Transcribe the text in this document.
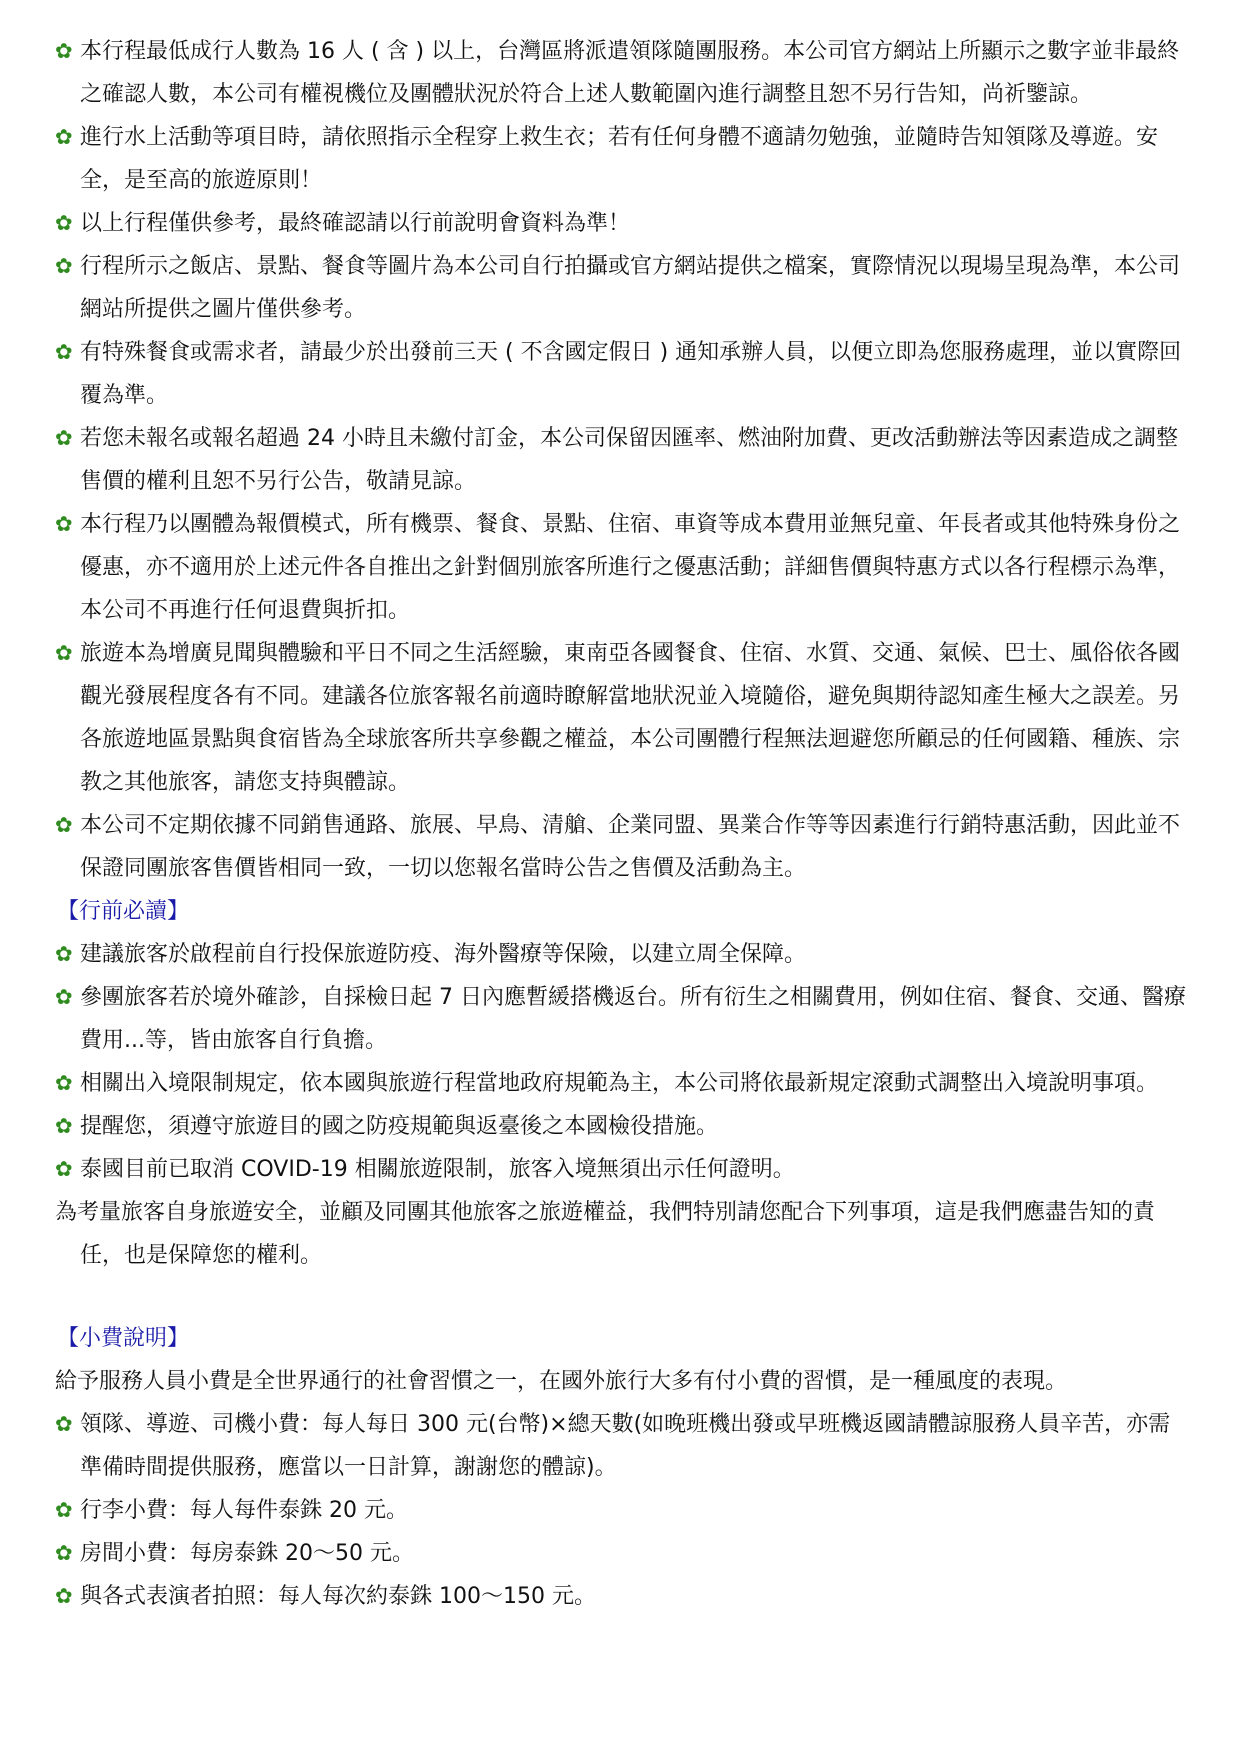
✿ 本行程最低成行人數為 16 人 ( 含 ) 以上，台灣區將派遣領隊隨團服務。本公司官方網站上所顯示之數字並非最終之確認人數，本公司有權視機位及團體狀況於符合上述人數範圍內進行調整且恕不另行告知，尚祈鑒諒。

✿ 進行水上活動等項目時，請依照指示全程穿上救生衣；若有任何身體不適請勿勉強，並隨時告知領隊及導遊。安全，是至高的旅遊原則！

✿ 以上行程僅供參考，最終確認請以行前說明會資料為準！

✿ 行程所示之飯店、景點、餐食等圖片為本公司自行拍攝或官方網站提供之檔案，實際情況以現場呈現為準，本公司網站所提供之圖片僅供參考。

✿ 有特殊餐食或需求者，請最少於出發前三天 ( 不含國定假日 ) 通知承辦人員，以便立即為您服務處理，並以實際回覆為準。

✿ 若您未報名或報名超過 24 小時且未繳付訂金，本公司保留因匯率、燃油附加費、更改活動辦法等因素造成之調整售價的權利且恕不另行公告，敬請見諒。

✿ 本行程乃以團體為報價模式，所有機票、餐食、景點、住宿、車資等成本費用並無兒童、年長者或其他特殊身份之優惠，亦不適用於上述元件各自推出之針對個別旅客所進行之優惠活動；詳細售價與特惠方式以各行程標示為準，本公司不再進行任何退費與折扣。

✿ 旅遊本為增廣見聞與體驗和平日不同之生活經驗，東南亞各國餐食、住宿、水質、交通、氣候、巴士、風俗依各國觀光發展程度各有不同。建議各位旅客報名前適時瞭解當地狀況並入境隨俗，避免與期待認知產生極大之誤差。另各旅遊地區景點與食宿皆為全球旅客所共享參觀之權益，本公司團體行程無法迴避您所顧忌的任何國籍、種族、宗教之其他旅客，請您支持與體諒。

✿ 本公司不定期依據不同銷售通路、旅展、早鳥、清艙、企業同盟、異業合作等等因素進行行銷特惠活動，因此並不保證同團旅客售價皆相同一致，一切以您報名當時公告之售價及活動為主。

【行前必讀】

✿ 建議旅客於啟程前自行投保旅遊防疫、海外醫療等保險，以建立周全保障。

✿ 參團旅客若於境外確診，自採檢日起 7 日內應暫緩搭機返台。所有衍生之相關費用，例如住宿、餐食、交通、醫療費用...等，皆由旅客自行負擔。

✿ 相關出入境限制規定，依本國與旅遊行程當地政府規範為主，本公司將依最新規定滾動式調整出入境說明事項。

✿ 提醒您，須遵守旅遊目的國之防疫規範與返臺後之本國檢役措施。

✿ 泰國目前已取消 COVID-19 相關旅遊限制，旅客入境無須出示任何證明。

為考量旅客自身旅遊安全，並顧及同團其他旅客之旅遊權益，我們特別請您配合下列事項，這是我們應盡告知的責任，也是保障您的權利。

【小費說明】

給予服務人員小費是全世界通行的社會習慣之一，在國外旅行大多有付小費的習慣，是一種風度的表現。

✿ 領隊、導遊、司機小費：每人每日 300 元(台幣)×總天數(如晚班機出發或早班機返國請體諒服務人員辛苦，亦需準備時間提供服務，應當以一日計算，謝謝您的體諒)。

✿ 行李小費：每人每件泰銖 20 元。

✿ 房間小費：每房泰銖 20～50 元。

✿ 與各式表演者拍照：每人每次約泰銖 100～150 元。
